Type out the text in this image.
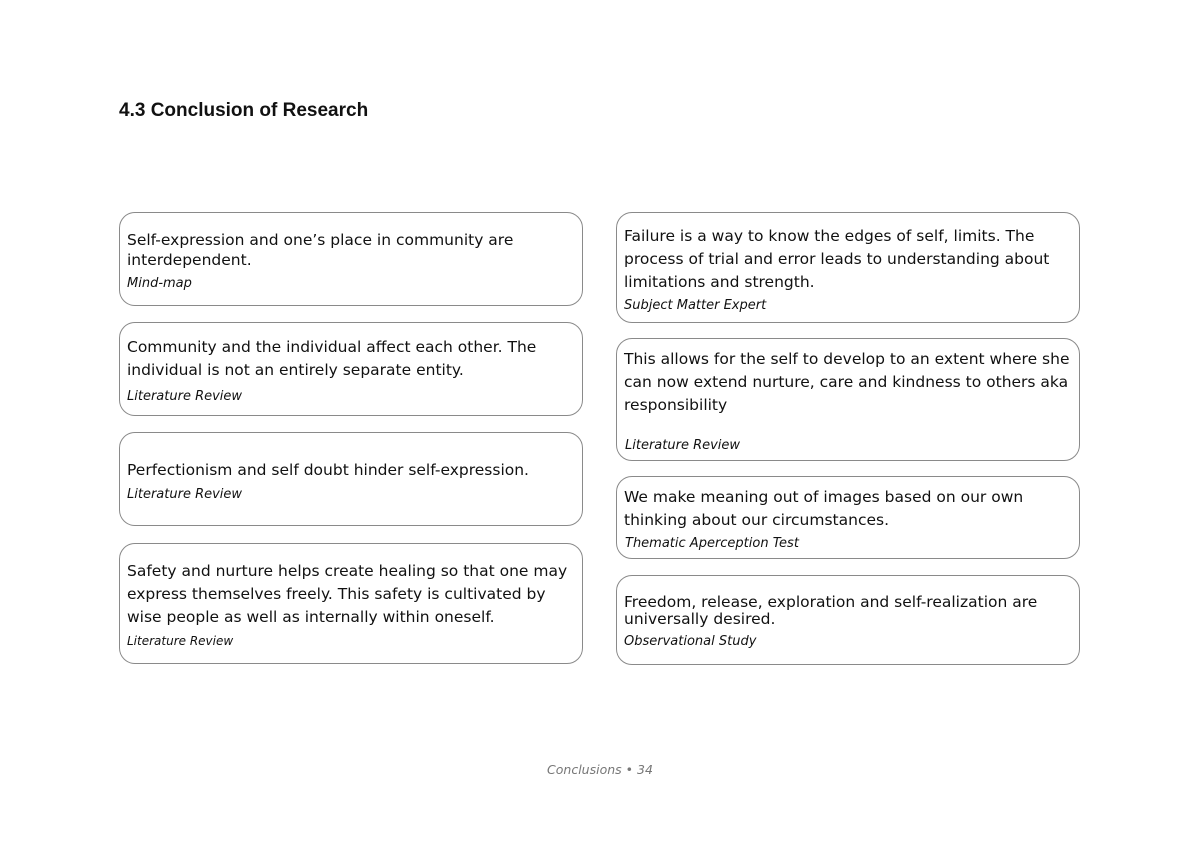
4.3 Conclusion of Research
Self-expression and one’s place in community are interdependent.
Mind-map
Community and the individual affect each other. The individual is not an entirely separate entity.
Literature Review
Perfectionism and self doubt hinder self-expression.
Literature Review
Safety and nurture helps create healing so that one may express themselves freely. This safety is cultivated by wise people as well as internally within oneself.
Literature Review
Failure is a way to know the edges of self, limits. The process of trial and error leads to understanding about limitations and strength.
Subject Matter Expert
This allows for the self to develop to an extent where she can now extend nurture, care and kindness to others aka responsibility
Literature Review
We make meaning out of images based on our own thinking about our circumstances.
Thematic Aperception Test
Freedom, release, exploration and self-realization are universally desired.
Observational Study
Conclusions • 34
